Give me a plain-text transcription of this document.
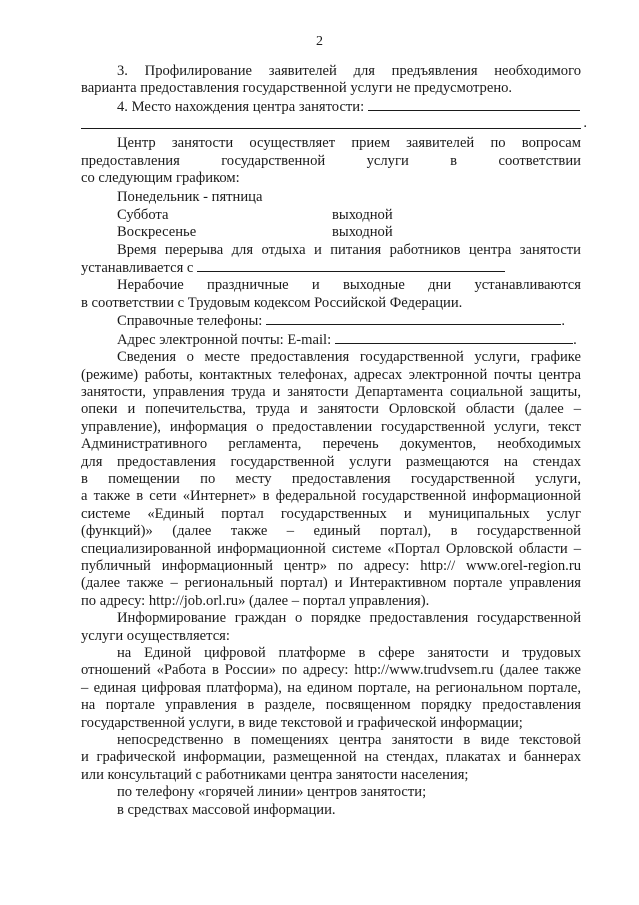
2
3. Профилирование заявителей для предъявления необходимого
варианта предоставления государственной услуги не предусмотрено.
4. Место нахождения центра занятости:
.
Центр занятости осуществляет прием заявителей по вопросам
предоставления	государственной	услуги	в	соответствии
со следующим графиком:
Понедельник - пятница
Суббота	выходной
Воскресенье	выходной
Время перерыва для отдыха и питания работников центра занятости
устанавливается с
Нерабочие праздничные и выходные дни устанавливаются
в соответствии с Трудовым кодексом Российской Федерации.
Справочные телефоны:	.
Адрес электронной почты: E-mail:	.
Сведения о месте предоставления государственной услуги, графике
(режиме) работы, контактных телефонах, адресах электронной почты центра
занятости, управления труда и занятости Департамента социальной защиты,
опеки и попечительства, труда и занятости Орловской области (далее –
управление), информация о предоставлении государственной услуги, текст
Административного регламента, перечень документов, необходимых
для предоставления государственной услуги размещаются на стендах
в помещении по месту предоставления государственной услуги,
а также в сети «Интернет» в федеральной государственной информационной
системе «Единый портал государственных и муниципальных услуг
(функций)» (далее также – единый портал), в государственной
специализированной информационной системе «Портал Орловской области –
публичный информационный центр» по адресу: http:// www.orel-region.ru
(далее также – региональный портал) и Интерактивном портале управления
по адресу: http://job.orl.ru» (далее – портал управления).
Информирование граждан о порядке предоставления государственной
услуги осуществляется:
на Единой цифровой платформе в сфере занятости и трудовых
отношений «Работа в России» по адресу: http://www.trudvsem.ru (далее также
– единая цифровая платформа), на едином портале, на региональном портале,
на портале управления в разделе, посвященном порядку предоставления
государственной услуги, в виде текстовой и графической информации;
непосредственно в помещениях центра занятости в виде текстовой
и графической информации, размещенной на стендах, плакатах и баннерах
или консультаций с работниками центра занятости населения;
по телефону «горячей линии» центров занятости;
в средствах массовой информации.
